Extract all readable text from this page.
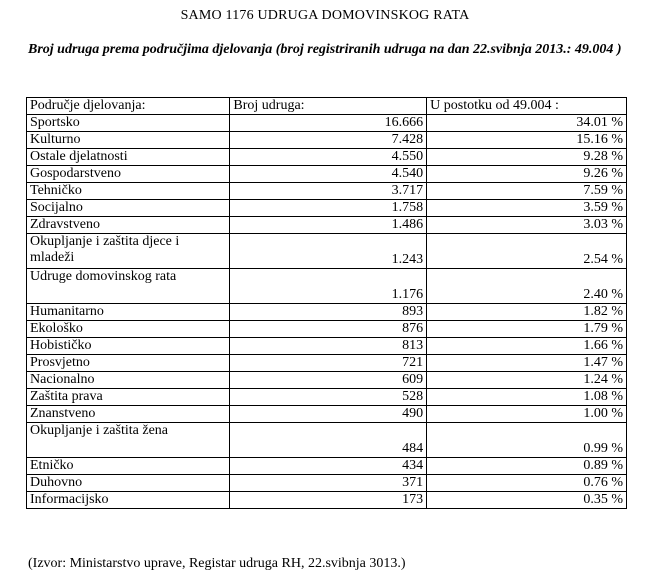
SAMO 1176 UDRUGA DOMOVINSKOG RATA
Broj udruga prema područjima djelovanja (broj registriranih udruga na dan 22.svibnja 2013.: 49.004 )
Područje djelovanja:	Broj udruga:	U postotku od 49.004 :
Sportsko	16.666	34.01 %
Kulturno	7.428	15.16 %
Ostale djelatnosti	4.550	9.28 %
Gospodarstveno	4.540	9.26 %
Tehničko	3.717	7.59 %
Socijalno	1.758	3.59 %
Zdravstveno	1.486	3.03 %
Okupljanje i zaštita djece i mladeži	1.243	2.54 %
Udruge domovinskog rata	1.176	2.40 %
Humanitarno	893	1.82 %
Ekološko	876	1.79 %
Hobističko	813	1.66 %
Prosvjetno	721	1.47 %
Nacionalno	609	1.24 %
Zaštita prava	528	1.08 %
Znanstveno	490	1.00 %
Okupljanje i zaštita žena	484	0.99 %
Etničko	434	0.89 %
Duhovno	371	0.76 %
Informacijsko	173	0.35 %
(Izvor: Ministarstvo uprave, Registar udruga RH, 22.svibnja 3013.)
